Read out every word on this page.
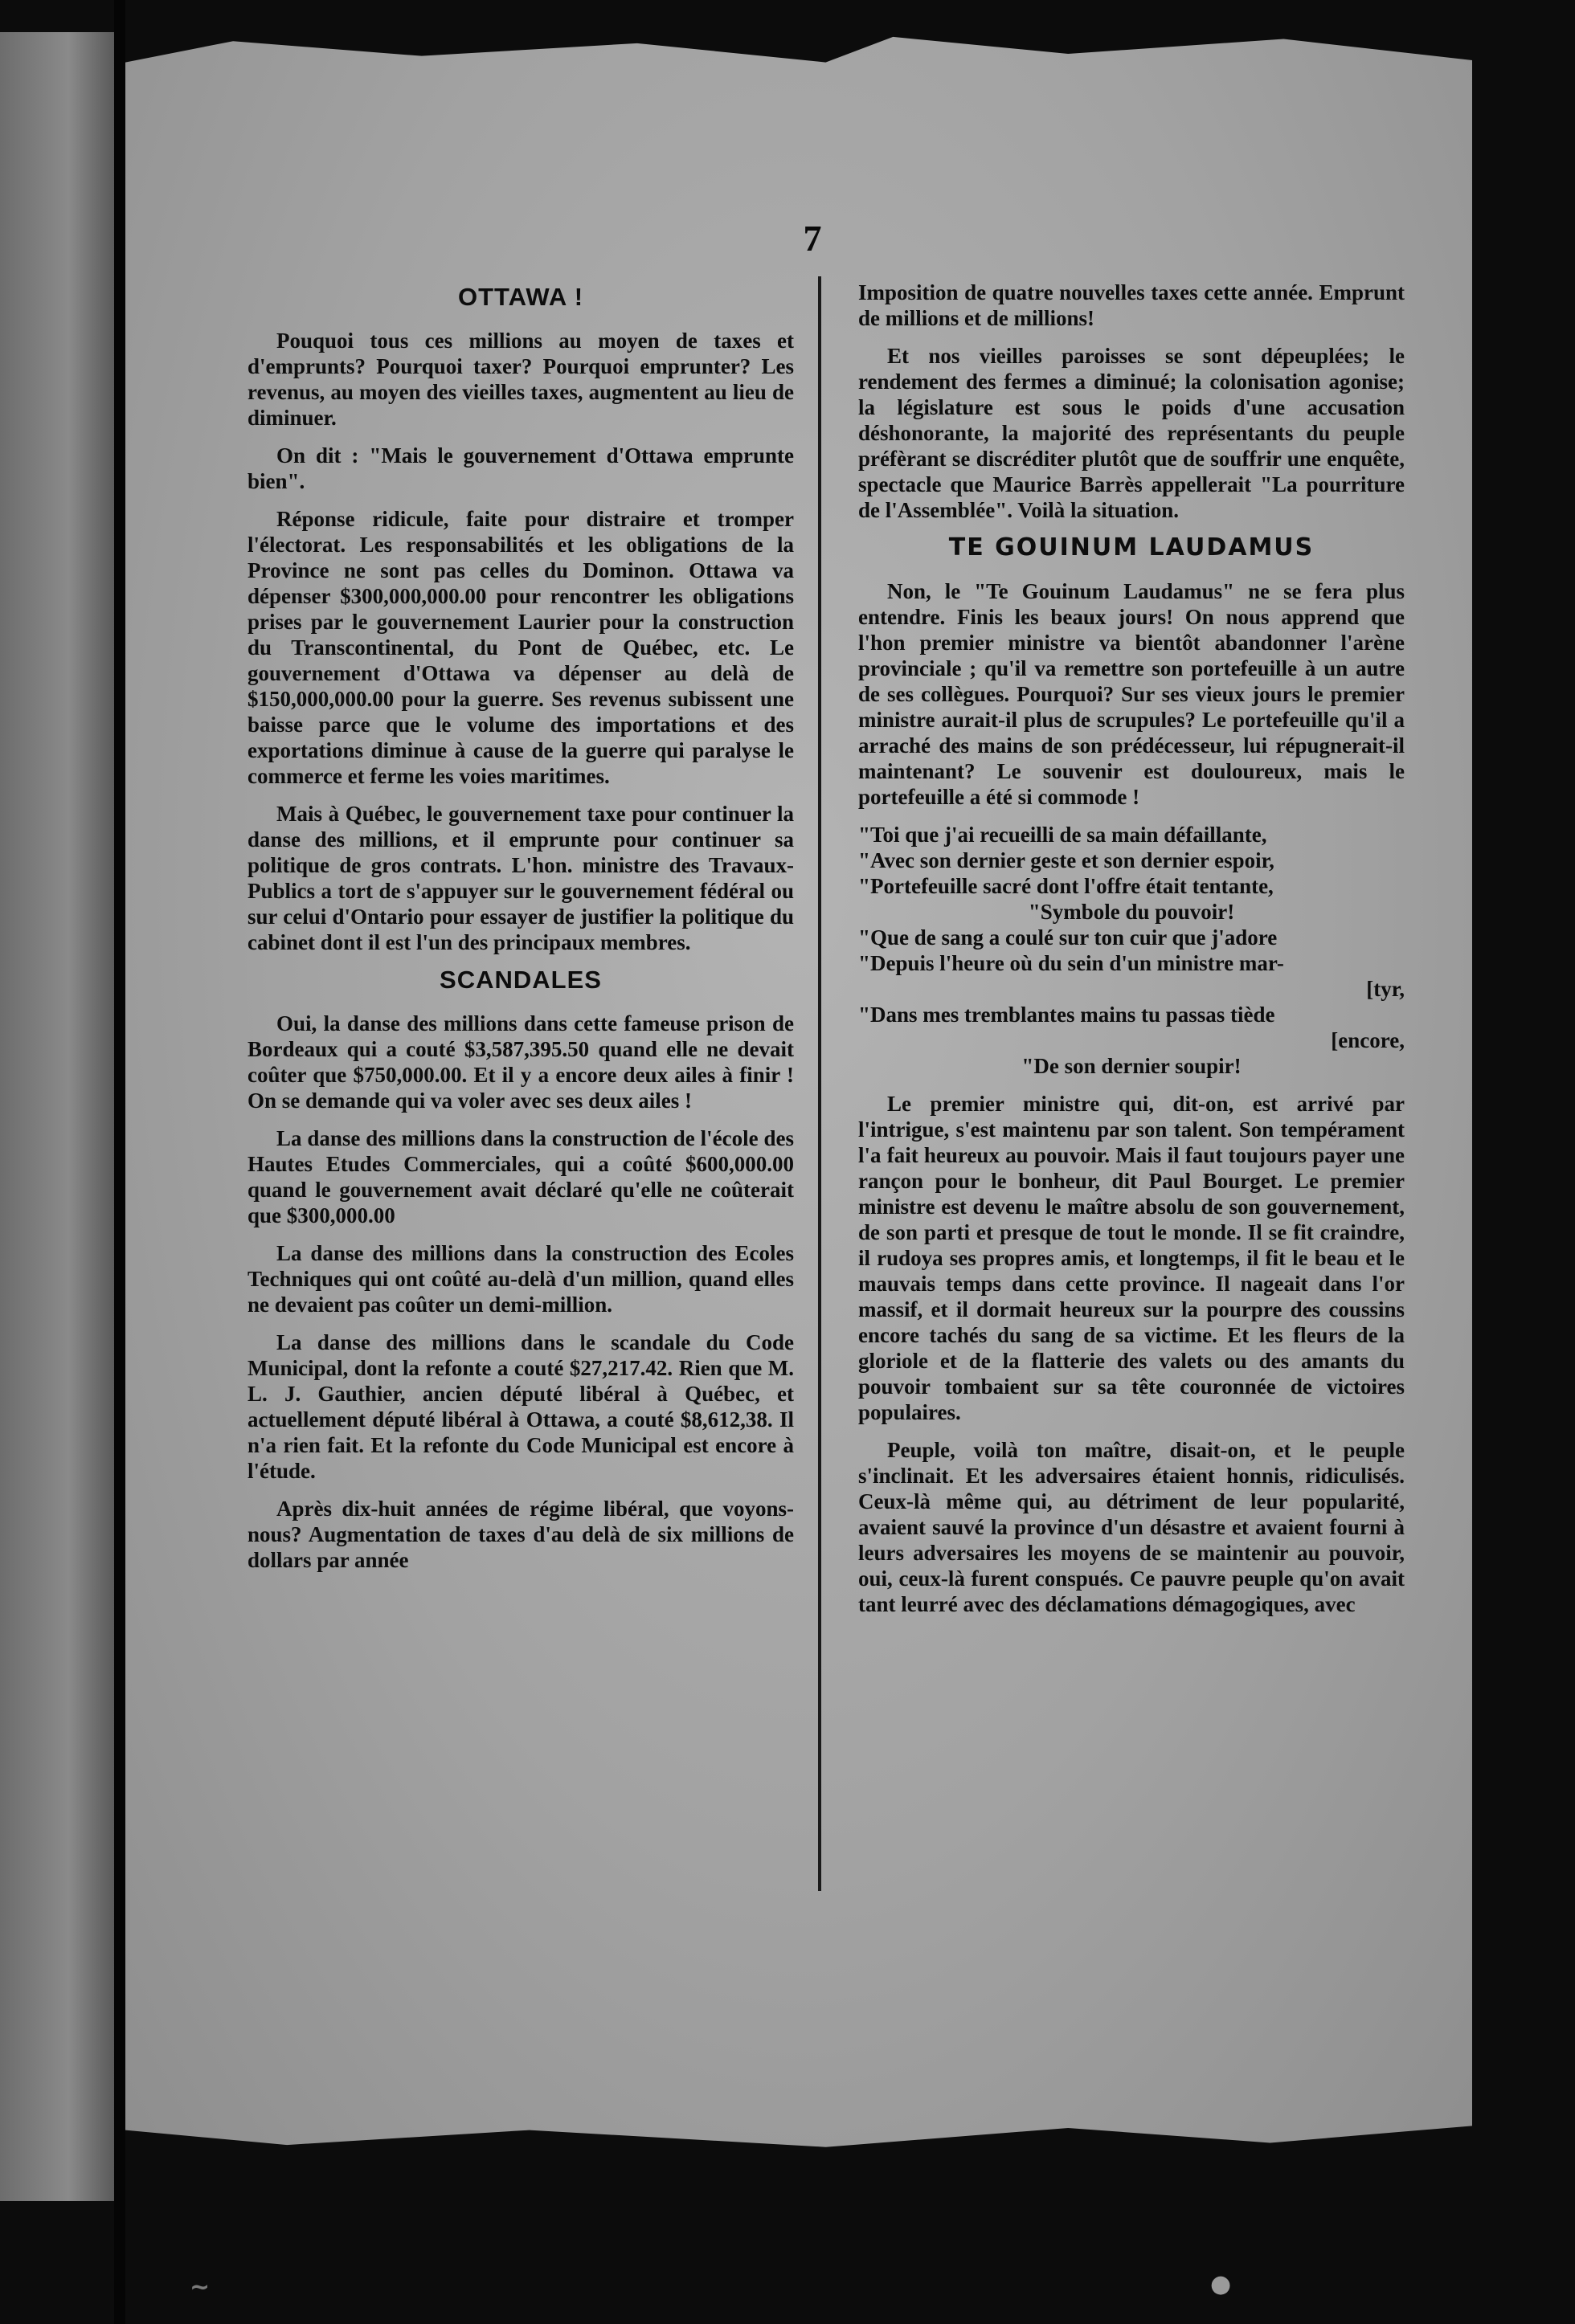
7
OTTAWA !

Pouquoi tous ces millions au moyen de taxes et d'emprunts? Pourquoi taxer? Pourquoi emprunter? Les revenus, au moyen des vieilles taxes, augmentent au lieu de diminuer.

On dit : "Mais le gouvernement d'Ottawa emprunte bien".

Réponse ridicule, faite pour distraire et tromper l'électorat. Les responsabilités et les obligations de la Province ne sont pas celles du Dominon. Ottawa va dépenser $300,000,000.00 pour rencontrer les obligations prises par le gouvernement Laurier pour la construction du Transcontinental, du Pont de Québec, etc. Le gouvernement d'Ottawa va dépenser au delà de $150,000,000.00 pour la guerre. Ses revenus subissent une baisse parce que le volume des importations et des exportations diminue à cause de la guerre qui paralyse le commerce et ferme les voies maritimes.

Mais à Québec, le gouvernement taxe pour continuer la danse des millions, et il emprunte pour continuer sa politique de gros contrats. L'hon. ministre des Travaux-Publics a tort de s'appuyer sur le gouvernement fédéral ou sur celui d'Ontario pour essayer de justifier la politique du cabinet dont il est l'un des principaux membres.

SCANDALES

Oui, la danse des millions dans cette fameuse prison de Bordeaux qui a couté $3,587,395.50 quand elle ne devait coûter que $750,000.00. Et il y a encore deux ailes à finir ! On se demande qui va voler avec ses deux ailes !

La danse des millions dans la construction de l'école des Hautes Etudes Commerciales, qui a coûté $600,000.00 quand le gouvernement avait déclaré qu'elle ne coûterait que $300,000.00

La danse des millions dans la construction des Ecoles Techniques qui ont coûté au-delà d'un million, quand elles ne devaient pas coûter un demi-million.

La danse des millions dans le scandale du Code Municipal, dont la refonte a couté $27,217.42. Rien que M. L. J. Gauthier, ancien député libéral à Québec, et actuellement député libéral à Ottawa, a couté $8,612,38. Il n'a rien fait. Et la refonte du Code Municipal est encore à l'étude.

Après dix-huit années de régime libéral, que voyons-nous? Augmentation de taxes d'au delà de six millions de dollars par année

Imposition de quatre nouvelles taxes cette année. Emprunt de millions et de millions!

Et nos vieilles paroisses se sont dépeuplées; le rendement des fermes a diminué; la colonisation agonise; la législature est sous le poids d'une accusation déshonorante, la majorité des représentants du peuple préfèrant se discréditer plutôt que de souffrir une enquête, spectacle que Maurice Barrès appellerait "La pourriture de l'Assemblée". Voilà la situation.

TE GOUINUM LAUDAMUS

Non, le "Te Gouinum Laudamus" ne se fera plus entendre. Finis les beaux jours! On nous apprend que l'hon premier ministre va bientôt abandonner l'arène provinciale ; qu'il va remettre son portefeuille à un autre de ses collègues. Pourquoi? Sur ses vieux jours le premier ministre aurait-il plus de scrupules? Le portefeuille qu'il a arraché des mains de son prédécesseur, lui répugnerait-il maintenant? Le souvenir est douloureux, mais le portefeuille a été si commode !

"Toi que j'ai recueilli de sa main défaillante,
"Avec son dernier geste et son dernier espoir,
"Portefeuille sacré dont l'offre était tentante,
"Symbole du pouvoir!
"Que de sang a coulé sur ton cuir que j'adore
"Depuis l'heure où du sein d'un ministre mar-
[tyr,
"Dans mes tremblantes mains tu passas tiède
[encore,
"De son dernier soupir!

Le premier ministre qui, dit-on, est arrivé par l'intrigue, s'est maintenu par son talent. Son tempérament l'a fait heureux au pouvoir. Mais il faut toujours payer une rançon pour le bonheur, dit Paul Bourget. Le premier ministre est devenu le maître absolu de son gouvernement, de son parti et presque de tout le monde. Il se fit craindre, il rudoya ses propres amis, et longtemps, il fit le beau et le mauvais temps dans cette province. Il nageait dans l'or massif, et il dormait heureux sur la pourpre des coussins encore tachés du sang de sa victime. Et les fleurs de la gloriole et de la flatterie des valets ou des amants du pouvoir tombaient sur sa tête couronnée de victoires populaires.

Peuple, voilà ton maître, disait-on, et le peuple s'inclinait. Et les adversaires étaient honnis, ridiculisés. Ceux-là même qui, au détriment de leur popularité, avaient sauvé la province d'un désastre et avaient fourni à leurs adversaires les moyens de se maintenir au pouvoir, oui, ceux-là furent conspués. Ce pauvre peuple qu'on avait tant leurré avec des déclamations démagogiques, avec

~	●
